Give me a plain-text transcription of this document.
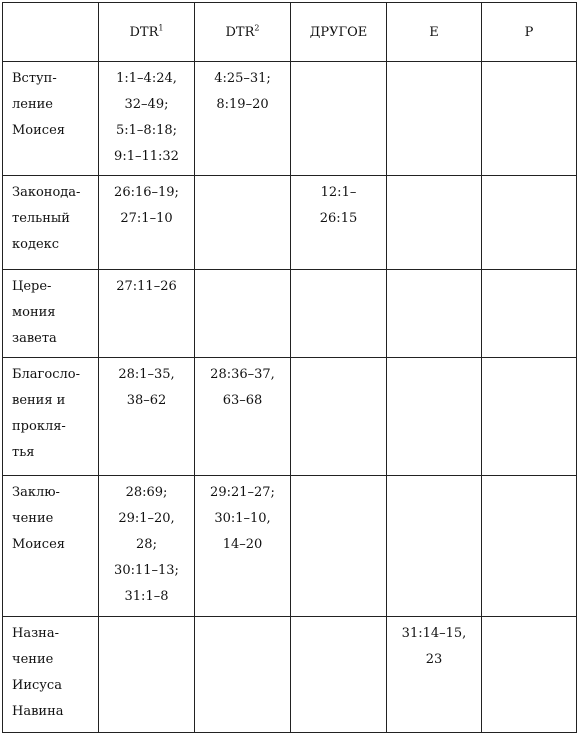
	DTR$^1$	DTR$^2$	ДРУГОЕ	E	P

Вступ-
ление
Моисея	1:1–4:24,
32–49;
5:1–8:18;
9:1–11:32	4:25–31;
8:19–20			

Законода-
тельный
кодекс	26:16–19;
27:1–10		12:1–
26:15		

Цере-
мония
завета	27:11–26				

Благосло-
вения и
прокля-
тья	28:1–35,
38–62	28:36–37,
63–68			

Заклю-
чение
Моисея	28:69;
29:1–20,
28;
30:11–13;
31:1–8	29:21–27;
30:1–10,
14–20			

Назна-
чение
Иисуса
Навина				31:14–15,
23	
